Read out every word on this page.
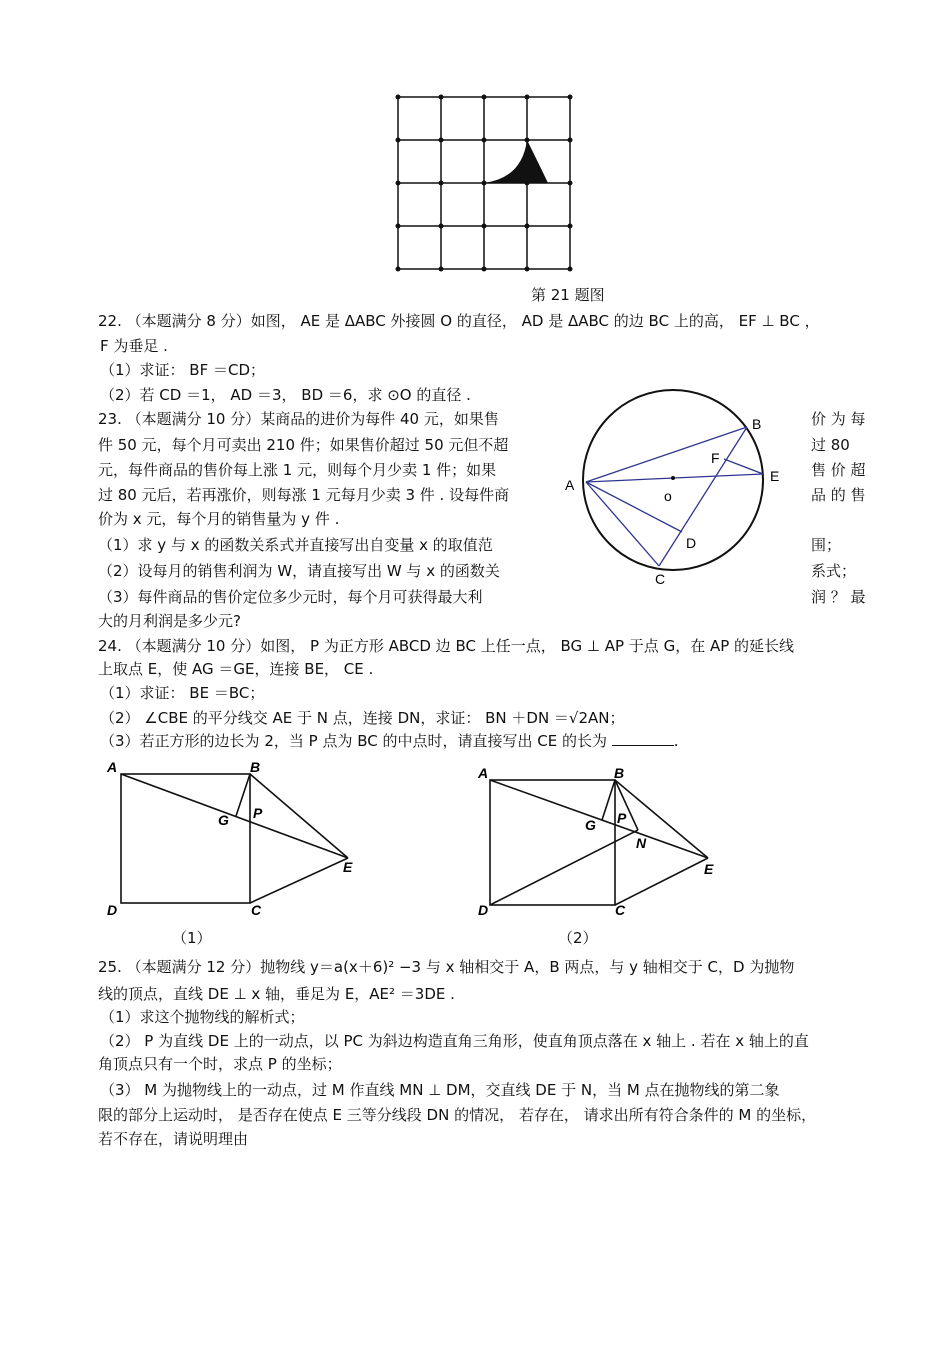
第 21 题图
22. （本题满分 8 分）如图， AE 是 ΔABC 外接圆 O 的直径， AD 是 ΔABC 的边 BC 上的高， EF ⊥ BC ，
F 为垂足 .
（1）求证： BF ＝CD；
（2）若 CD ＝1， AD ＝3， BD ＝6，求 ⊙O 的直径 .
A
B
C
D
E
F
o
23. （本题满分 10 分）某商品的进价为每件 40 元，如果售
件 50 元，每个月可卖出 210 件；如果售价超过 50 元但不超
元，每件商品的售价每上涨 1 元，则每个月少卖 1 件；如果
过 80 元后，若再涨价，则每涨 1 元每月少卖 3 件 . 设每件商
价为 x 元，每个月的销售量为 y 件 .
（1）求 y 与 x 的函数关系式并直接写出自变量 x 的取值范
（2）设每月的销售利润为 W，请直接写出 W 与 x 的函数关
（3）每件商品的售价定位多少元时，每个月可获得最大利
价 为 每
过 80
售 价 超
品 的 售
围；
系式；
润 ？ 最
大的月利润是多少元?
24. （本题满分 10 分）如图， P 为正方形 ABCD 边 BC 上任一点， BG ⊥ AP 于点 G，在 AP 的延长线
上取点 E，使 AG ＝GE，连接 BE， CE .
（1）求证： BE ＝BC；
（2） ∠CBE 的平分线交 AE 于 N 点，连接 DN，求证： BN ＋DN ＝√2AN；
（3）若正方形的边长为 2，当 P 点为 BC 的中点时，请直接写出 CE 的长为	.
A	B
C
D
E
G P
A	B
C
D
E
G P
N
（1）	（2）
25. （本题满分 12 分）抛物线 y＝a(x＋6)² −3 与 x 轴相交于 A，B 两点，与 y 轴相交于 C，D 为抛物
线的顶点，直线 DE ⊥ x 轴，垂足为 E，AE² ＝3DE .
（1）求这个抛物线的解析式；
（2） P 为直线 DE 上的一动点，以 PC 为斜边构造直角三角形，使直角顶点落在 x 轴上 . 若在 x 轴上的直
角顶点只有一个时，求点 P 的坐标；
（3） M 为抛物线上的一动点，过 M 作直线 MN ⊥ DM，交直线 DE 于 N，当 M 点在抛物线的第二象
限的部分上运动时， 是否存在使点 E 三等分线段 DN 的情况， 若存在， 请求出所有符合条件的 M 的坐标，
若不存在，请说明理由
